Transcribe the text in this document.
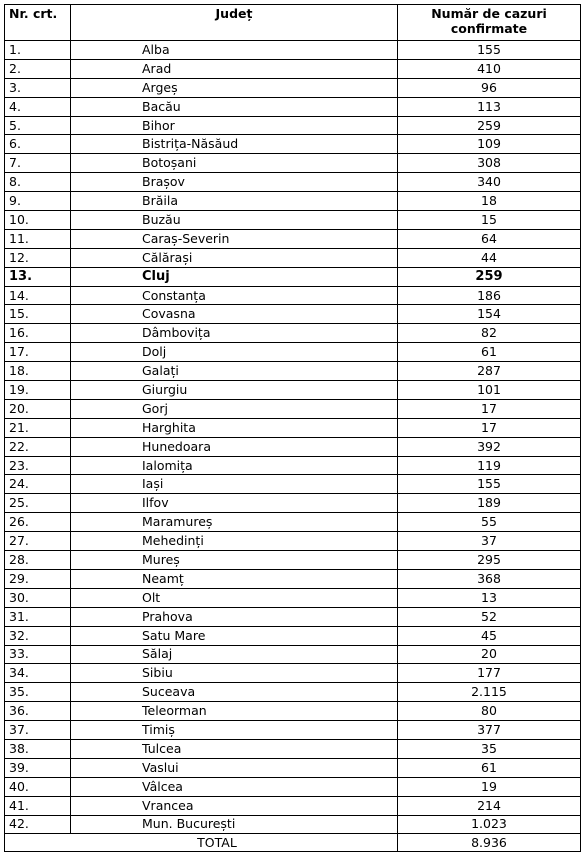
Nr. crt.	Județ	Număr de cazuri confirmate
1.	Alba	155
2.	Arad	410
3.	Argeș	96
4.	Bacău	113
5.	Bihor	259
6.	Bistrița-Năsăud	109
7.	Botoșani	308
8.	Brașov	340
9.	Brăila	18
10.	Buzău	15
11.	Caraș-Severin	64
12.	Călărași	44
13.	Cluj	259
14.	Constanța	186
15.	Covasna	154
16.	Dâmbovița	82
17.	Dolj	61
18.	Galați	287
19.	Giurgiu	101
20.	Gorj	17
21.	Harghita	17
22.	Hunedoara	392
23.	Ialomița	119
24.	Iași	155
25.	Ilfov	189
26.	Maramureș	55
27.	Mehedinți	37
28.	Mureș	295
29.	Neamț	368
30.	Olt	13
31.	Prahova	52
32.	Satu Mare	45
33.	Sălaj	20
34.	Sibiu	177
35.	Suceava	2.115
36.	Teleorman	80
37.	Timiș	377
38.	Tulcea	35
39.	Vaslui	61
40.	Vâlcea	19
41.	Vrancea	214
42.	Mun. București	1.023
TOTAL		8.936
